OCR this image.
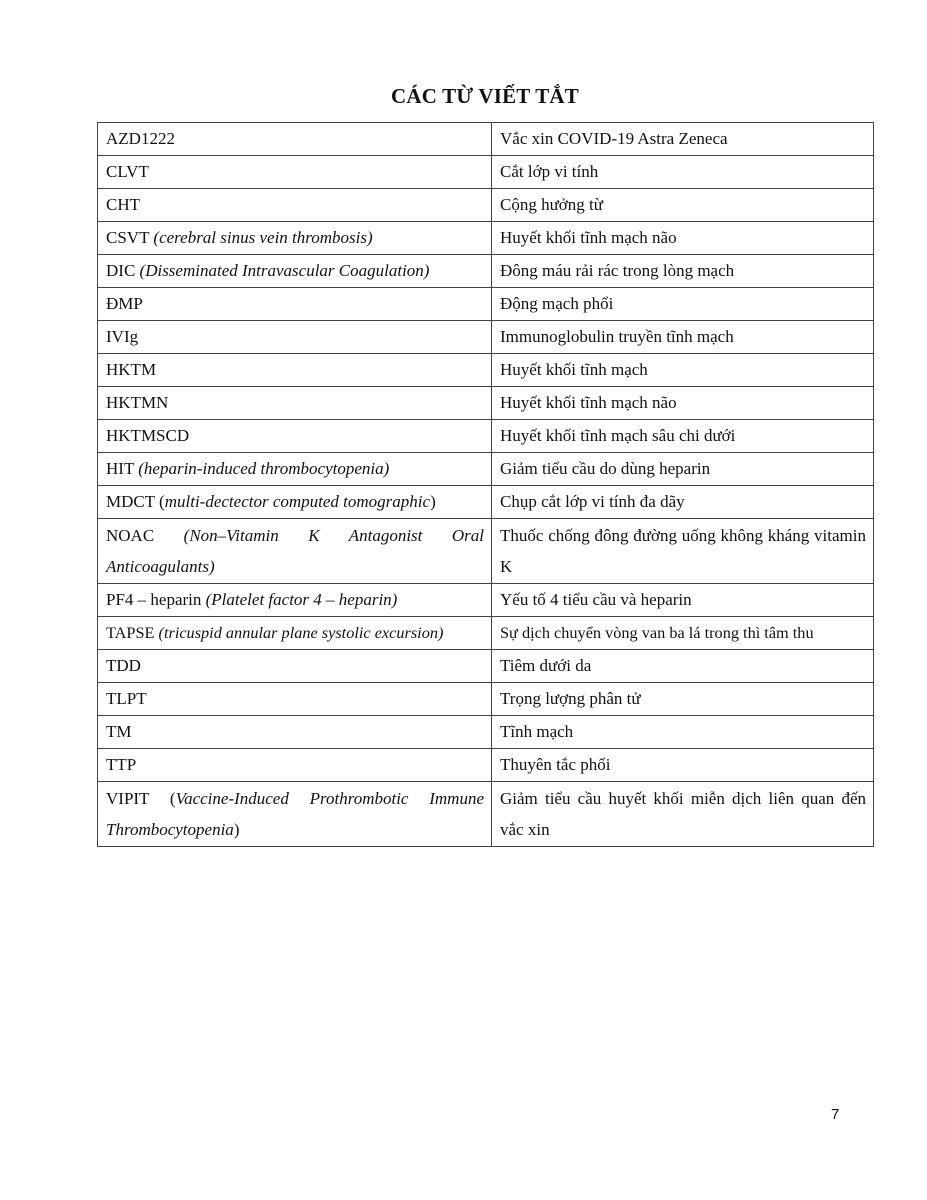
CÁC TỪ VIẾT TẮT
AZD1222	Vắc xin COVID-19 Astra Zeneca
CLVT	Cắt lớp vi tính
CHT	Cộng hưởng từ
CSVT (cerebral sinus vein thrombosis)	Huyết khối tĩnh mạch não
DIC (Disseminated Intravascular Coagulation)	Đông máu rải rác trong lòng mạch
ĐMP	Động mạch phổi
IVIg	Immunoglobulin truyền tĩnh mạch
HKTM	Huyết khối tĩnh mạch
HKTMN	Huyết khối tĩnh mạch não
HKTMSCD	Huyết khối tĩnh mạch sâu chi dưới
HIT (heparin-induced thrombocytopenia)	Giảm tiểu cầu do dùng heparin
MDCT (multi-dectector computed tomographic)	Chụp cắt lớp vi tính đa dãy
NOAC (Non–Vitamin K Antagonist Oral Anticoagulants)	Thuốc chống đông đường uống không kháng vitamin K
PF4 – heparin (Platelet factor 4 – heparin)	Yếu tố 4 tiểu cầu và heparin
TAPSE (tricuspid annular plane systolic excursion)	Sự dịch chuyển vòng van ba lá trong thì tâm thu
TDD	Tiêm dưới da
TLPT	Trọng lượng phân tử
TM	Tĩnh mạch
TTP	Thuyên tắc phổi
VIPIT (Vaccine-Induced Prothrombotic Immune Thrombocytopenia)	Giảm tiểu cầu huyết khối miễn dịch liên quan đến vắc xin
7
